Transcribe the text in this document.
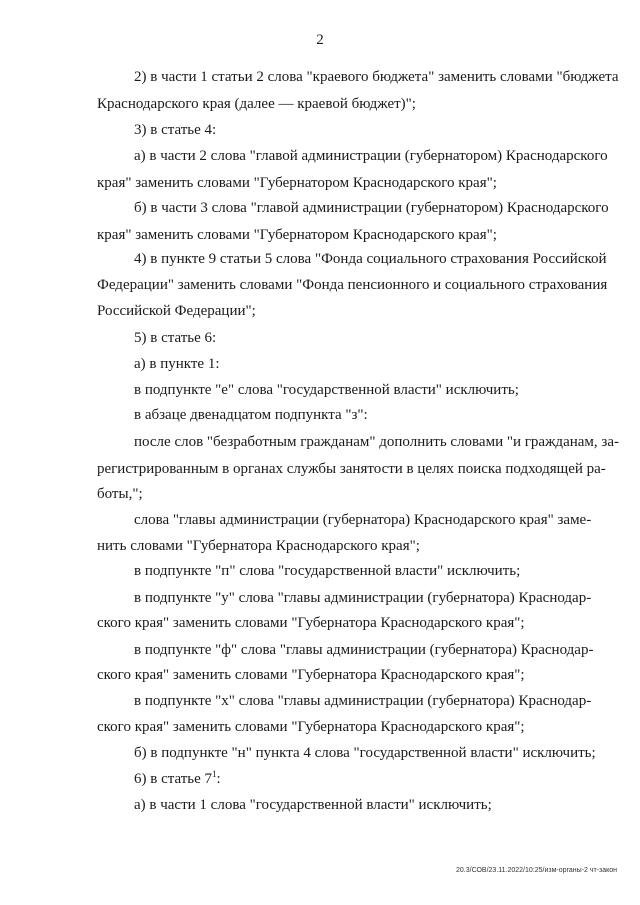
2
2) в части 1 статьи 2 слова "краевого бюджета" заменить словами "бюджета
Краснодарского края (далее — краевой бюджет)";
3) в статье 4:
а) в части 2 слова "главой администрации (губернатором) Краснодарского
края" заменить словами "Губернатором Краснодарского края";
б) в части 3 слова "главой администрации (губернатором) Краснодарского
края" заменить словами "Губернатором Краснодарского края";
4) в пункте 9 статьи 5 слова "Фонда социального страхования Российской
Федерации" заменить словами "Фонда пенсионного и социального страхования
Российской Федерации";
5) в статье 6:
а) в пункте 1:
в подпункте "е" слова "государственной власти" исключить;
в абзаце двенадцатом подпункта "з":
после слов "безработным гражданам" дополнить словами "и гражданам, за-
регистрированным в органах службы занятости в целях поиска подходящей ра-
боты,";
слова "главы администрации (губернатора) Краснодарского края" заме-
нить словами "Губернатора Краснодарского края";
в подпункте "п" слова "государственной власти" исключить;
в подпункте "у" слова "главы администрации (губернатора) Краснодар-
ского края" заменить словами "Губернатора Краснодарского края";
в подпункте "ф" слова "главы администрации (губернатора) Краснодар-
ского края" заменить словами "Губернатора Краснодарского края";
в подпункте "х" слова "главы администрации (губернатора) Краснодар-
ского края" заменить словами "Губернатора Краснодарского края";
б) в подпункте "н" пункта 4 слова "государственной власти" исключить;
6) в статье $7^1$:
а) в части 1 слова "государственной власти" исключить;
20.3/СОВ/23.11.2022/10:25/изм-органы-2 чт-закон
